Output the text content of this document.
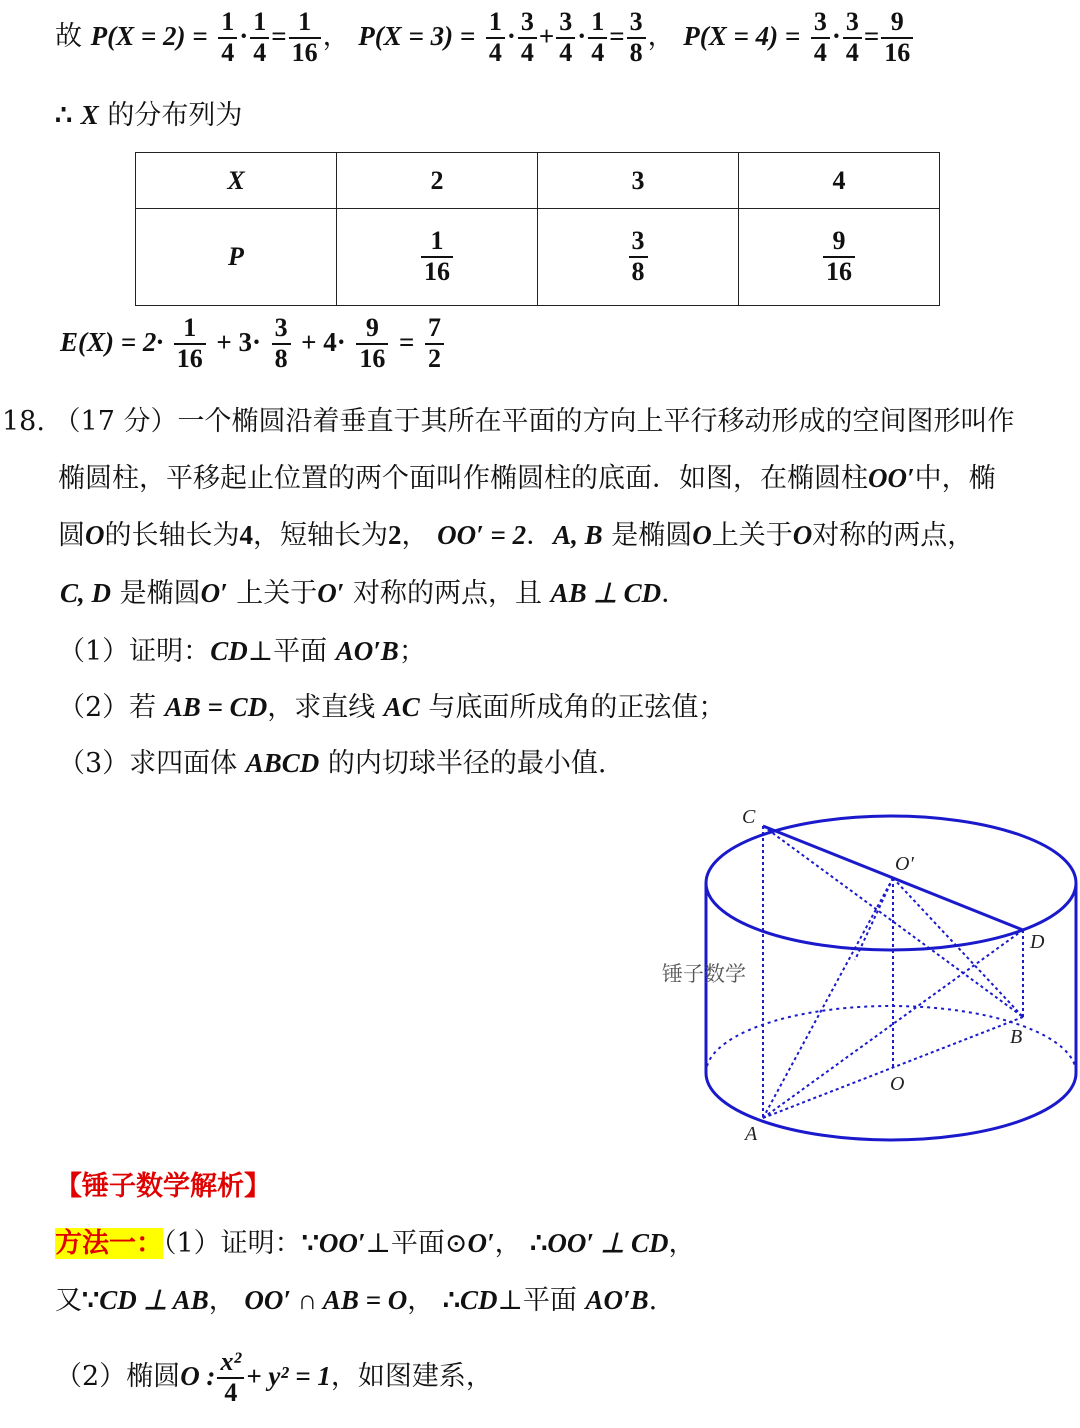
故 $P(X = 2) = \frac{1}{4} \cdot \frac{1}{4} = \frac{1}{16}$ ， $P(X = 3) = \frac{1}{4} \cdot \frac{3}{4} + \frac{3}{4} \cdot \frac{1}{4} = \frac{3}{8}$ ， $P(X = 4) = \frac{3}{4} \cdot \frac{3}{4} = \frac{9}{16}$
∴ X 的分布列为
X	2	3	4
P	$\frac{1}{16}$	$\frac{3}{8}$	$\frac{9}{16}$
$E(X) = 2\cdot \frac{1}{16} + 3\cdot \frac{3}{8} + 4\cdot \frac{9}{16} = \frac{7}{2}$
18. （17 分）一个椭圆沿着垂直于其所在平面的方向上平行移动形成的空间图形叫作
椭圆柱，平移起止位置的两个面叫作椭圆柱的底面．如图，在椭圆柱OO′中，椭
圆O的长轴长为4，短轴长为2， OO′ = 2．A, B 是椭圆O上关于O对称的两点，
C, D 是椭圆O′ 上关于O′ 对称的两点，且 AB ⊥ CD．
（1）证明：CD⊥平面 AO′B；
（2）若 AB = CD，求直线 AC 与底面所成角的正弦值；
（3）求四面体 ABCD 的内切球半径的最小值.
C
O′
D
B
O
A
锤子数学
【锤子数学解析】
方法一：（1）证明：∵OO′⊥平面⊙O′， ∴OO′ ⊥ CD，
又∵CD ⊥ AB， OO′ ∩ AB = O， ∴CD⊥平面 AO′B.
（2）椭圆O : $\frac{\text{x²}}{4} + y^2 = 1$，如图建系，
